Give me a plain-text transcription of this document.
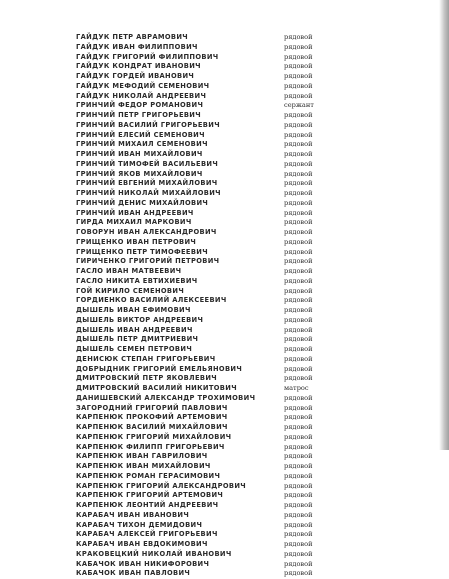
ГАЙДУК ПЕТР АВРАМОВИЧ	рядовой
ГАЙДУК ИВАН ФИЛИППОВИЧ	рядовой
ГАЙДУК ГРИГОРИЙ ФИЛИППОВИЧ	рядовой
ГАЙДУК КОНДРАТ ИВАНОВИЧ	рядовой
ГАЙДУК ГОРДЕЙ ИВАНОВИЧ	рядовой
ГАЙДУК МЕФОДИЙ СЕМЕНОВИЧ	рядовой
ГАЙДУК НИКОЛАЙ АНДРЕЕВИЧ	рядовой
ГРИНЧИЙ ФЕДОР РОМАНОВИЧ	сержант
ГРИНЧИЙ ПЕТР ГРИГОРЬЕВИЧ	рядовой
ГРИНЧИЙ ВАСИЛИЙ ГРИГОРЬЕВИЧ	рядовой
ГРИНЧИЙ ЕЛЕСИЙ СЕМЕНОВИЧ	рядовой
ГРИНЧИЙ МИХАИЛ СЕМЕНОВИЧ	рядовой
ГРИНЧИЙ ИВАН МИХАЙЛОВИЧ	рядовой
ГРИНЧИЙ ТИМОФЕЙ ВАСИЛЬЕВИЧ	рядовой
ГРИНЧИЙ ЯКОВ МИХАЙЛОВИЧ	рядовой
ГРИНЧИЙ ЕВГЕНИЙ МИХАЙЛОВИЧ	рядовой
ГРИНЧИЙ НИКОЛАЙ МИХАЙЛОВИЧ	рядовой
ГРИНЧИЙ ДЕНИС МИХАЙЛОВИЧ	рядовой
ГРИНЧИЙ ИВАН АНДРЕЕВИЧ	рядовой
ГИРДА МИХАИЛ МАРКОВИЧ	рядовой
ГОВОРУН ИВАН АЛЕКСАНДРОВИЧ	рядовой
ГРИЩЕНКО ИВАН ПЕТРОВИЧ	рядовой
ГРИЩЕНКО ПЕТР ТИМОФЕЕВИЧ	рядовой
ГИРИЧЕНКО ГРИГОРИЙ ПЕТРОВИЧ	рядовой
ГАСЛО ИВАН МАТВЕЕВИЧ	рядовой
ГАСЛО НИКИТА ЕВТИХИЕВИЧ	рядовой
ГОЙ КИРИЛО СЕМЕНОВИЧ	рядовой
ГОРДИЕНКО ВАСИЛИЙ АЛЕКСЕЕВИЧ	рядовой
ДЫШЕЛЬ ИВАН ЕФИМОВИЧ	рядовой
ДЫШЕЛЬ ВИКТОР АНДРЕЕВИЧ	рядовой
ДЫШЕЛЬ ИВАН АНДРЕЕВИЧ	рядовой
ДЫШЕЛЬ ПЕТР ДМИТРИЕВИЧ	рядовой
ДЫШЕЛЬ СЕМЕН ПЕТРОВИЧ	рядовой
ДЕНИСЮК СТЕПАН ГРИГОРЬЕВИЧ	рядовой
ДОБРЫДНИК ГРИГОРИЙ ЕМЕЛЬЯНОВИЧ	рядовой
ДМИТРОВСКИЙ ПЕТР ЯКОВЛЕВИЧ	рядовой
ДМИТРОВСКИЙ ВАСИЛИЙ НИКИТОВИЧ	матрос
ДАНИШЕВСКИЙ АЛЕКСАНДР ТРОХИМОВИЧ	рядовой
ЗАГОРОДНИЙ ГРИГОРИЙ ПАВЛОВИЧ	рядовой
КАРПЕНЮК ПРОКОФИЙ АРТЕМОВИЧ	рядовой
КАРПЕНЮК ВАСИЛИЙ МИХАЙЛОВИЧ	рядовой
КАРПЕНЮК ГРИГОРИЙ МИХАЙЛОВИЧ	рядовой
КАРПЕНЮК ФИЛИПП ГРИГОРЬЕВИЧ	рядовой
КАРПЕНЮК ИВАН ГАВРИЛОВИЧ	рядовой
КАРПЕНЮК ИВАН МИХАЙЛОВИЧ	рядовой
КАРПЕНЮК РОМАН ГЕРАСИМОВИЧ	рядовой
КАРПЕНЮК ГРИГОРИЙ АЛЕКСАНДРОВИЧ	рядовой
КАРПЕНЮК ГРИГОРИЙ АРТЕМОВИЧ	рядовой
КАРПЕНЮК ЛЕОНТИЙ АНДРЕЕВИЧ	рядовой
КАРАБАЧ ИВАН ИВАНОВИЧ	рядовой
КАРАБАЧ ТИХОН ДЕМИДОВИЧ	рядовой
КАРАБАЧ АЛЕКСЕЙ ГРИГОРЬЕВИЧ	рядовой
КАРАБАЧ ИВАН ЕВДОКИМОВИЧ	рядовой
КРАКОВЕЦКИЙ НИКОЛАЙ ИВАНОВИЧ	рядовой
КАБАЧОК ИВАН НИКИФОРОВИЧ	рядовой
КАБАЧОК ИВАН ПАВЛОВИЧ	рядовой
